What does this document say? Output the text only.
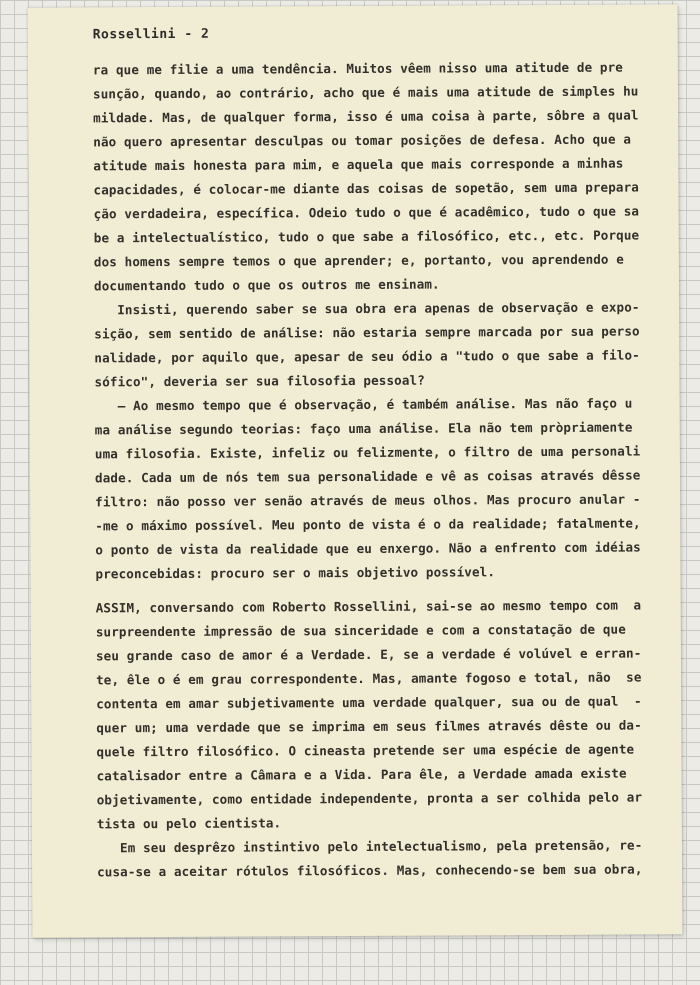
Rossellini - 2
ra que me filie a uma tendência. Muitos vêem nisso uma atitude de pre
sunção, quando, ao contrário, acho que é mais uma atitude de simples hu
mildade. Mas, de qualquer forma, isso é uma coisa à parte, sôbre a qual
não quero apresentar desculpas ou tomar posições de defesa. Acho que a
atitude mais honesta para mim, e aquela que mais corresponde a minhas
capacidades, é colocar-me diante das coisas de sopetão, sem uma prepara
ção verdadeira, específica. Odeio tudo o que é acadêmico, tudo o que sa
be a intelectualístico, tudo o que sabe a filosófico, etc., etc. Porque
dos homens sempre temos o que aprender; e, portanto, vou aprendendo e
documentando tudo o que os outros me ensinam.
Insisti, querendo saber se sua obra era apenas de observação e expo-
sição, sem sentido de análise: não estaria sempre marcada por sua perso
nalidade, por aquilo que, apesar de seu ódio a "tudo o que sabe a filo-
sófico", deveria ser sua filosofia pessoal?
— Ao mesmo tempo que é observação, é também análise. Mas não faço u
ma análise segundo teorias: faço uma análise. Ela não tem pròpriamente
uma filosofia. Existe, infeliz ou felizmente, o filtro de uma personali
dade. Cada um de nós tem sua personalidade e vê as coisas através dêsse
filtro: não posso ver senão através de meus olhos. Mas procuro anular -
-me o máximo possível. Meu ponto de vista é o da realidade; fatalmente,
o ponto de vista da realidade que eu enxergo. Não a enfrento com idéias
preconcebidas: procuro ser o mais objetivo possível.
ASSIM, conversando com Roberto Rossellini, sai-se ao mesmo tempo com  a
surpreendente impressão de sua sinceridade e com a constatação de que
seu grande caso de amor é a Verdade. E, se a verdade é volúvel e erran-
te, êle o é em grau correspondente. Mas, amante fogoso e total, não  se
contenta em amar subjetivamente uma verdade qualquer, sua ou de qual  -
quer um; uma verdade que se imprima em seus filmes através dêste ou da-
quele filtro filosófico. O cineasta pretende ser uma espécie de agente
catalisador entre a Câmara e a Vida. Para êle, a Verdade amada existe
objetivamente, como entidade independente, pronta a ser colhida pelo ar
tista ou pelo cientista.
Em seu desprêzo instintivo pelo intelectualismo, pela pretensão, re-
cusa-se a aceitar rótulos filosóficos. Mas, conhecendo-se bem sua obra,
